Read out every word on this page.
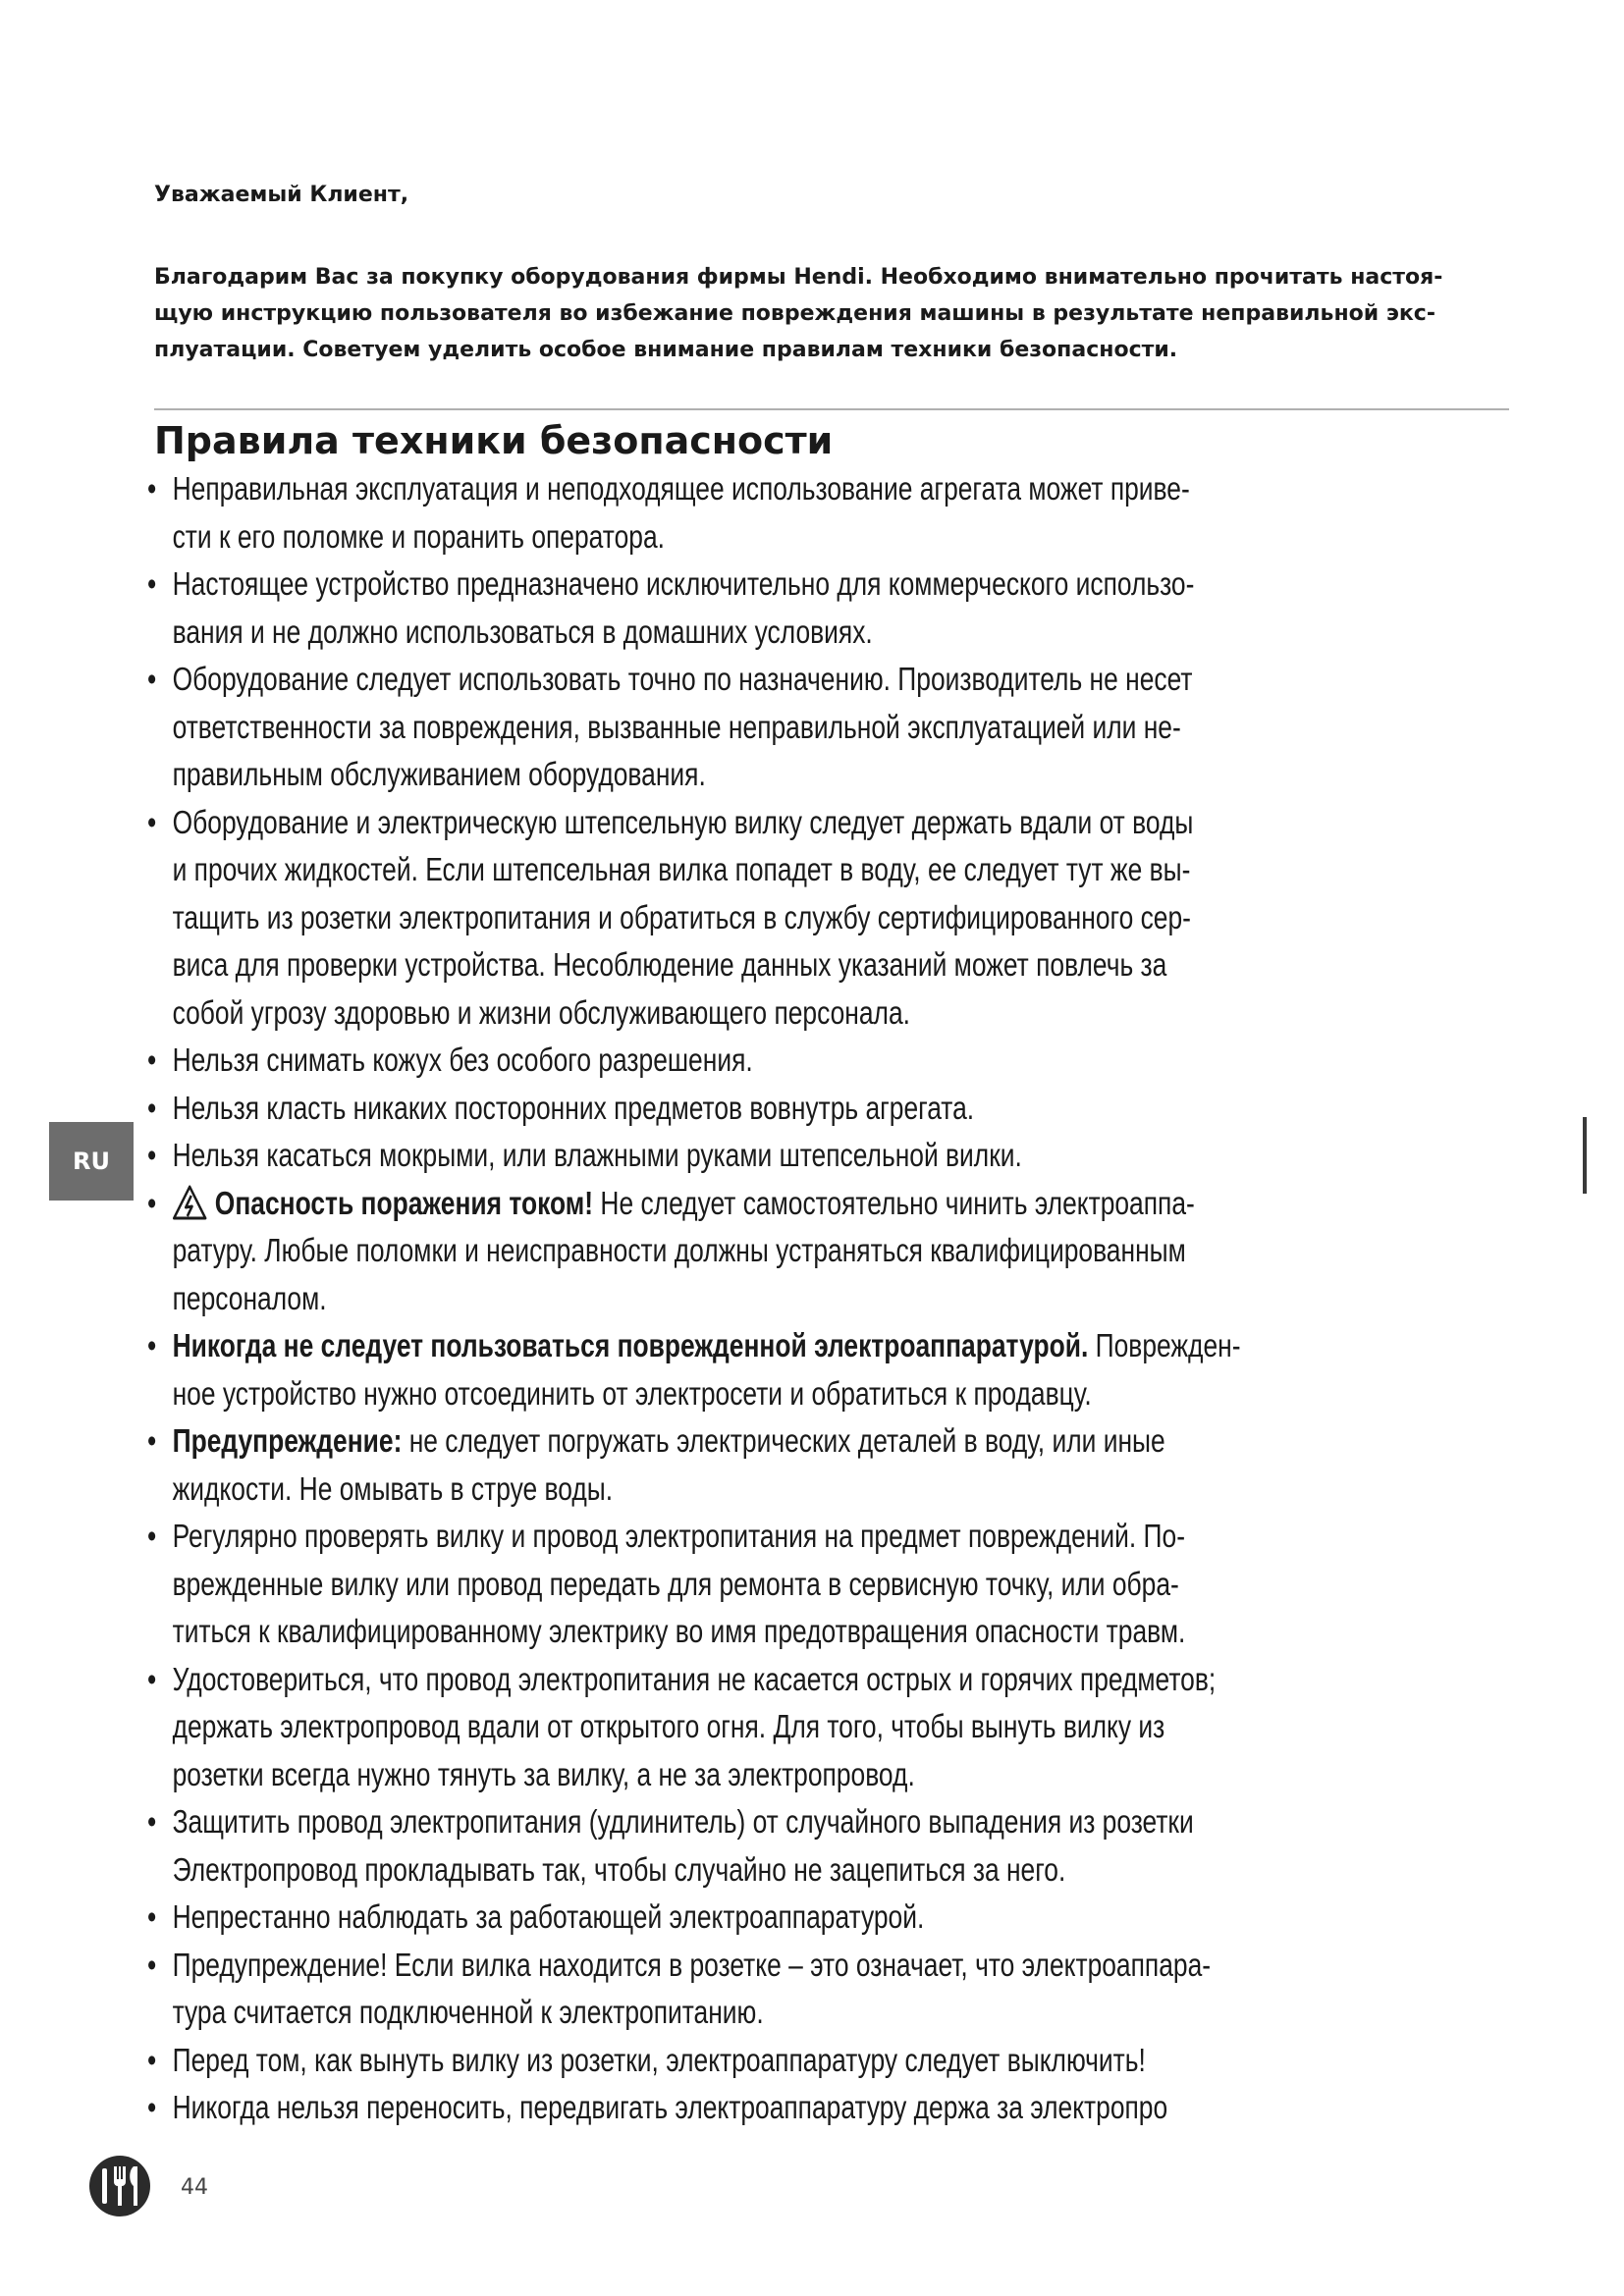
Уважаемый Клиент,
Благодарим Вас за покупку оборудования фирмы Hendi. Необходимо внимательно прочитать настоя-
щую инструкцию пользователя во избежание повреждения машины в результате неправильной экс-
плуатации. Советуем уделить особое внимание правилам техники безопасности.
Правила техники безопасности
• Неправильная эксплуатация и неподходящее использование агрегата может приве-
сти к его поломке и поранить оператора.
• Настоящее устройство предназначено исключительно для коммерческого использо-
вания и не должно использоваться в домашних условиях.
• Оборудование следует использовать точно по назначению. Производитель не несет
ответственности за повреждения, вызванные неправильной эксплуатацией или не-
правильным обслуживанием оборудования.
• Оборудование и электрическую штепсельную вилку следует держать вдали от воды
и прочих жидкостей. Если штепсельная вилка попадет в воду, ее следует тут же вы-
тащить из розетки электропитания и обратиться в службу сертифицированного сер-
виса для проверки устройства. Несоблюдение данных указаний может повлечь за
собой угрозу здоровью и жизни обслуживающего персонала.
• Нельзя снимать кожух без особого разрешения.
• Нельзя класть никаких посторонних предметов вовнутрь агрегата.
• Нельзя касаться мокрыми, или влажными руками штепсельной вилки.
• Опасность поражения током! Не следует самостоятельно чинить электроаппа-
ратуру. Любые поломки и неисправности должны устраняться квалифицированным
персоналом.
• Никогда не следует пользоваться поврежденной электроаппаратурой. Поврежден-
ное устройство нужно отсоединить от электросети и обратиться к продавцу.
• Предупреждение: не следует погружать электрических деталей в воду, или иные
жидкости. Не омывать в струе воды.
• Регулярно проверять вилку и провод электропитания на предмет повреждений. По-
врежденные вилку или провод передать для ремонта в сервисную точку, или обра-
титься к квалифицированному электрику во имя предотвращения опасности травм.
• Удостовериться, что провод электропитания не касается острых и горячих предметов;
держать электропровод вдали от открытого огня. Для того, чтобы вынуть вилку из
розетки всегда нужно тянуть за вилку, а не за электропровод.
• Защитить провод электропитания (удлинитель) от случайного выпадения из розетки
Электропровод прокладывать так, чтобы случайно не зацепиться за него.
• Непрестанно наблюдать за работающей электроаппаратурой.
• Предупреждение! Если вилка находится в розетке – это означает, что электроаппара-
тура считается подключенной к электропитанию.
• Перед том, как вынуть вилку из розетки, электроаппаратуру следует выключить!
• Никогда нельзя переносить, передвигать электроаппаратуру держа за электропро
RU
44
